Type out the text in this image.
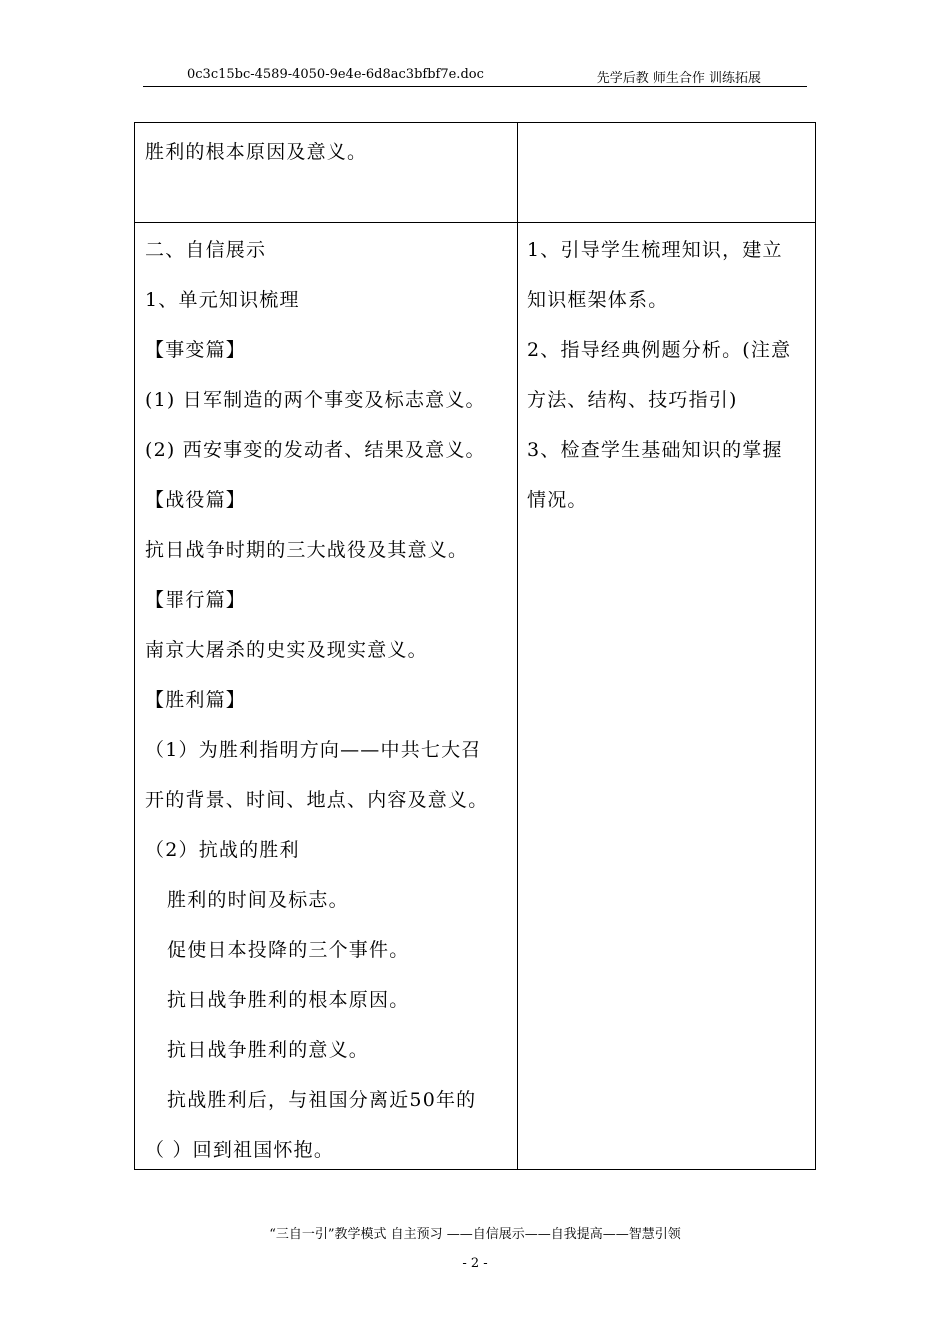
0c3c15bc-4589-4050-9e4e-6d8ac3bfbf7e.doc	先学后教 师生合作 训练拓展
胜利的根本原因及意义。
二、自信展示
1、单元知识梳理
【事变篇】
(1) 日军制造的两个事变及标志意义。
(2) 西安事变的发动者、结果及意义。
【战役篇】
抗日战争时期的三大战役及其意义。
【罪行篇】
南京大屠杀的史实及现实意义。
【胜利篇】
（1）为胜利指明方向——中共七大召
开的背景、时间、地点、内容及意义。
（2）抗战的胜利
胜利的时间及标志。
促使日本投降的三个事件。
抗日战争胜利的根本原因。
抗日战争胜利的意义。
抗战胜利后，与祖国分离近50年的
（ ）回到祖国怀抱。
1、引导学生梳理知识，建立
知识框架体系。
2、指导经典例题分析。(注意
方法、结构、技巧指引)
3、检查学生基础知识的掌握
情况。
“三自一引”教学模式 自主预习 ——自信展示——自我提高——智慧引领
- 2 -
